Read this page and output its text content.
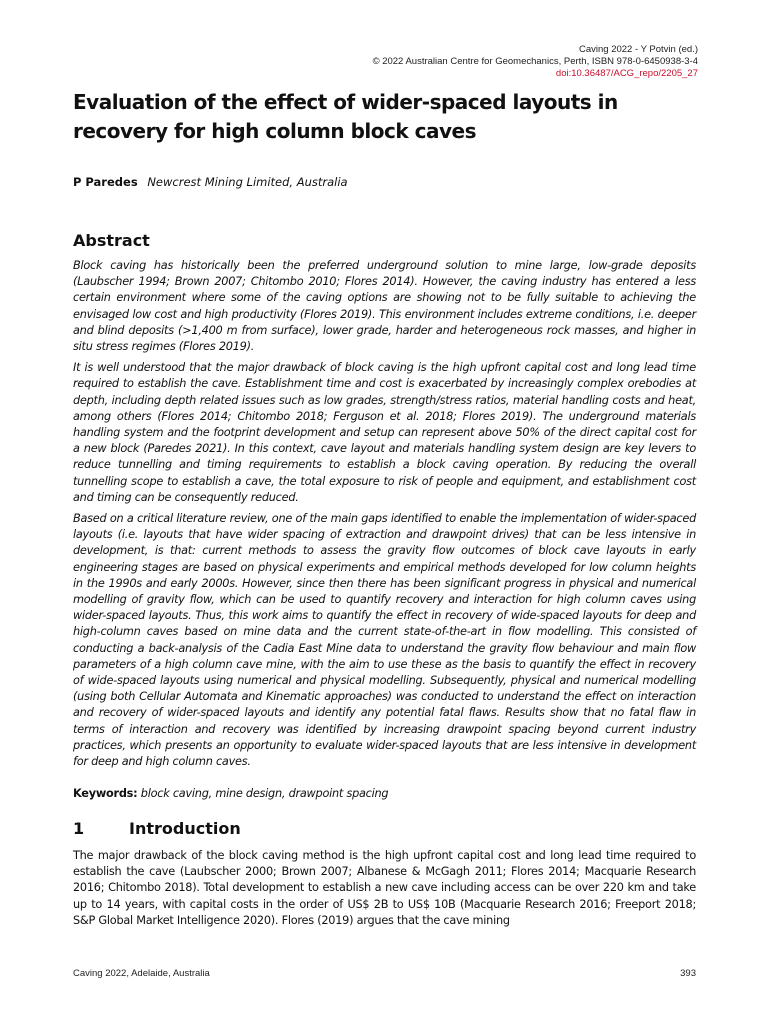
Caving 2022 - Y Potvin (ed.)
© 2022 Australian Centre for Geomechanics, Perth, ISBN 978-0-6450938-3-4
doi:10.36487/ACG_repo/2205_27
Evaluation of the effect of wider-spaced layouts in recovery for high column block caves
P Paredes Newcrest Mining Limited, Australia
Abstract

Block caving has historically been the preferred underground solution to mine large, low-grade deposits (Laubscher 1994; Brown 2007; Chitombo 2010; Flores 2014). However, the caving industry has entered a less certain environment where some of the caving options are showing not to be fully suitable to achieving the envisaged low cost and high productivity (Flores 2019). This environment includes extreme conditions, i.e. deeper and blind deposits (>1,400 m from surface), lower grade, harder and heterogeneous rock masses, and higher in situ stress regimes (Flores 2019).

It is well understood that the major drawback of block caving is the high upfront capital cost and long lead time required to establish the cave. Establishment time and cost is exacerbated by increasingly complex orebodies at depth, including depth related issues such as low grades, strength/stress ratios, material handling costs and heat, among others (Flores 2014; Chitombo 2018; Ferguson et al. 2018; Flores 2019). The underground materials handling system and the footprint development and setup can represent above 50% of the direct capital cost for a new block (Paredes 2021). In this context, cave layout and materials handling system design are key levers to reduce tunnelling and timing requirements to establish a block caving operation. By reducing the overall tunnelling scope to establish a cave, the total exposure to risk of people and equipment, and establishment cost and timing can be consequently reduced.

Based on a critical literature review, one of the main gaps identified to enable the implementation of wider-spaced layouts (i.e. layouts that have wider spacing of extraction and drawpoint drives) that can be less intensive in development, is that: current methods to assess the gravity flow outcomes of block cave layouts in early engineering stages are based on physical experiments and empirical methods developed for low column heights in the 1990s and early 2000s. However, since then there has been significant progress in physical and numerical modelling of gravity flow, which can be used to quantify recovery and interaction for high column caves using wider-spaced layouts. Thus, this work aims to quantify the effect in recovery of wide-spaced layouts for deep and high-column caves based on mine data and the current state-of-the-art in flow modelling. This consisted of conducting a back-analysis of the Cadia East Mine data to understand the gravity flow behaviour and main flow parameters of a high column cave mine, with the aim to use these as the basis to quantify the effect in recovery of wide-spaced layouts using numerical and physical modelling. Subsequently, physical and numerical modelling (using both Cellular Automata and Kinematic approaches) was conducted to understand the effect on interaction and recovery of wider-spaced layouts and identify any potential fatal flaws. Results show that no fatal flaw in terms of interaction and recovery was identified by increasing drawpoint spacing beyond current industry practices, which presents an opportunity to evaluate wider-spaced layouts that are less intensive in development for deep and high column caves.

Keywords: block caving, mine design, drawpoint spacing
1	Introduction

The major drawback of the block caving method is the high upfront capital cost and long lead time required to establish the cave (Laubscher 2000; Brown 2007; Albanese & McGagh 2011; Flores 2014; Macquarie Research 2016; Chitombo 2018). Total development to establish a new cave including access can be over 220 km and take up to 14 years, with capital costs in the order of US$ 2B to US$ 10B (Macquarie Research 2016; Freeport 2018; S&P Global Market Intelligence 2020). Flores (2019) argues that the cave mining

Caving 2022, Adelaide, Australia	393
